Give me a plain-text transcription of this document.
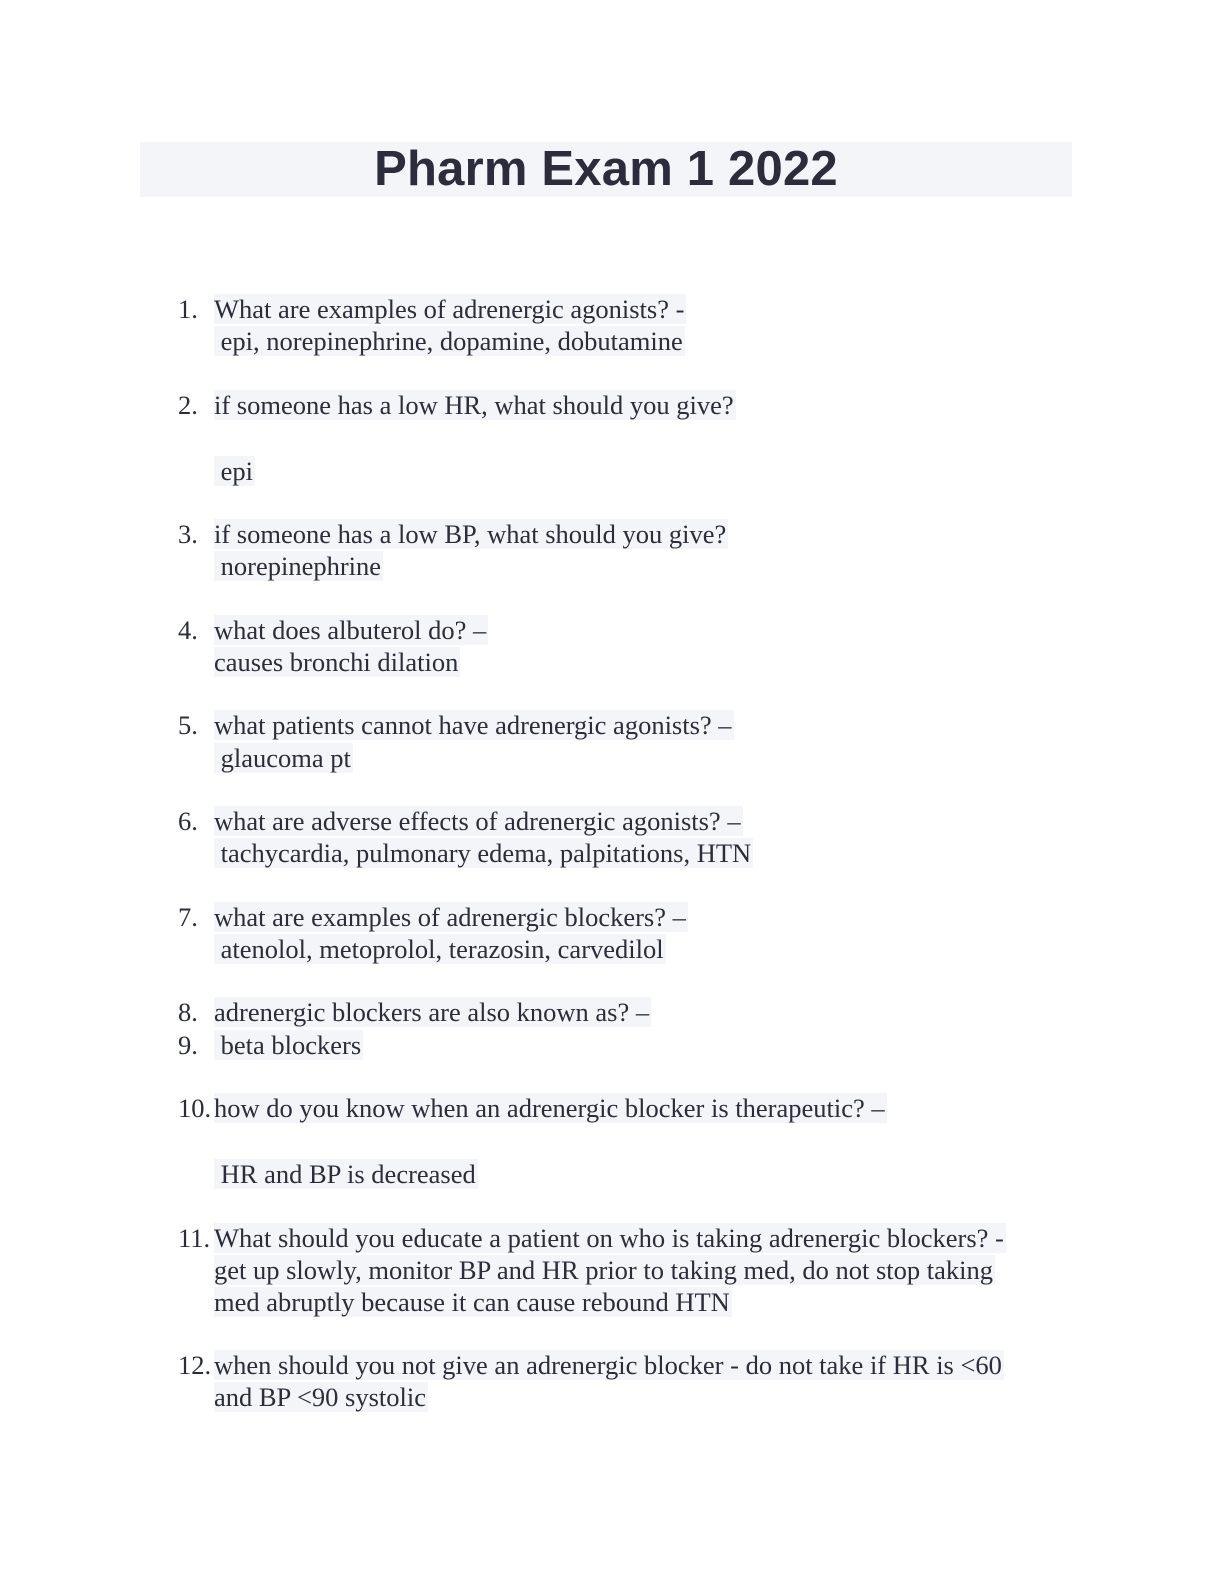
Pharm Exam 1 2022
1. What are examples of adrenergic agonists? -
epi, norepinephrine, dopamine, dobutamine
2. if someone has a low HR, what should you give?
epi
3. if someone has a low BP, what should you give?
norepinephrine
4. what does albuterol do? –
causes bronchi dilation
5. what patients cannot have adrenergic agonists? –
glaucoma pt
6. what are adverse effects of adrenergic agonists? –
tachycardia, pulmonary edema, palpitations, HTN
7. what are examples of adrenergic blockers? –
atenolol, metoprolol, terazosin, carvedilol
8. adrenergic blockers are also known as? –
9. beta blockers
10. how do you know when an adrenergic blocker is therapeutic? –
HR and BP is decreased
11. What should you educate a patient on who is taking adrenergic blockers? -
get up slowly, monitor BP and HR prior to taking med, do not stop taking
med abruptly because it can cause rebound HTN
12. when should you not give an adrenergic blocker - do not take if HR is <60
and BP <90 systolic
